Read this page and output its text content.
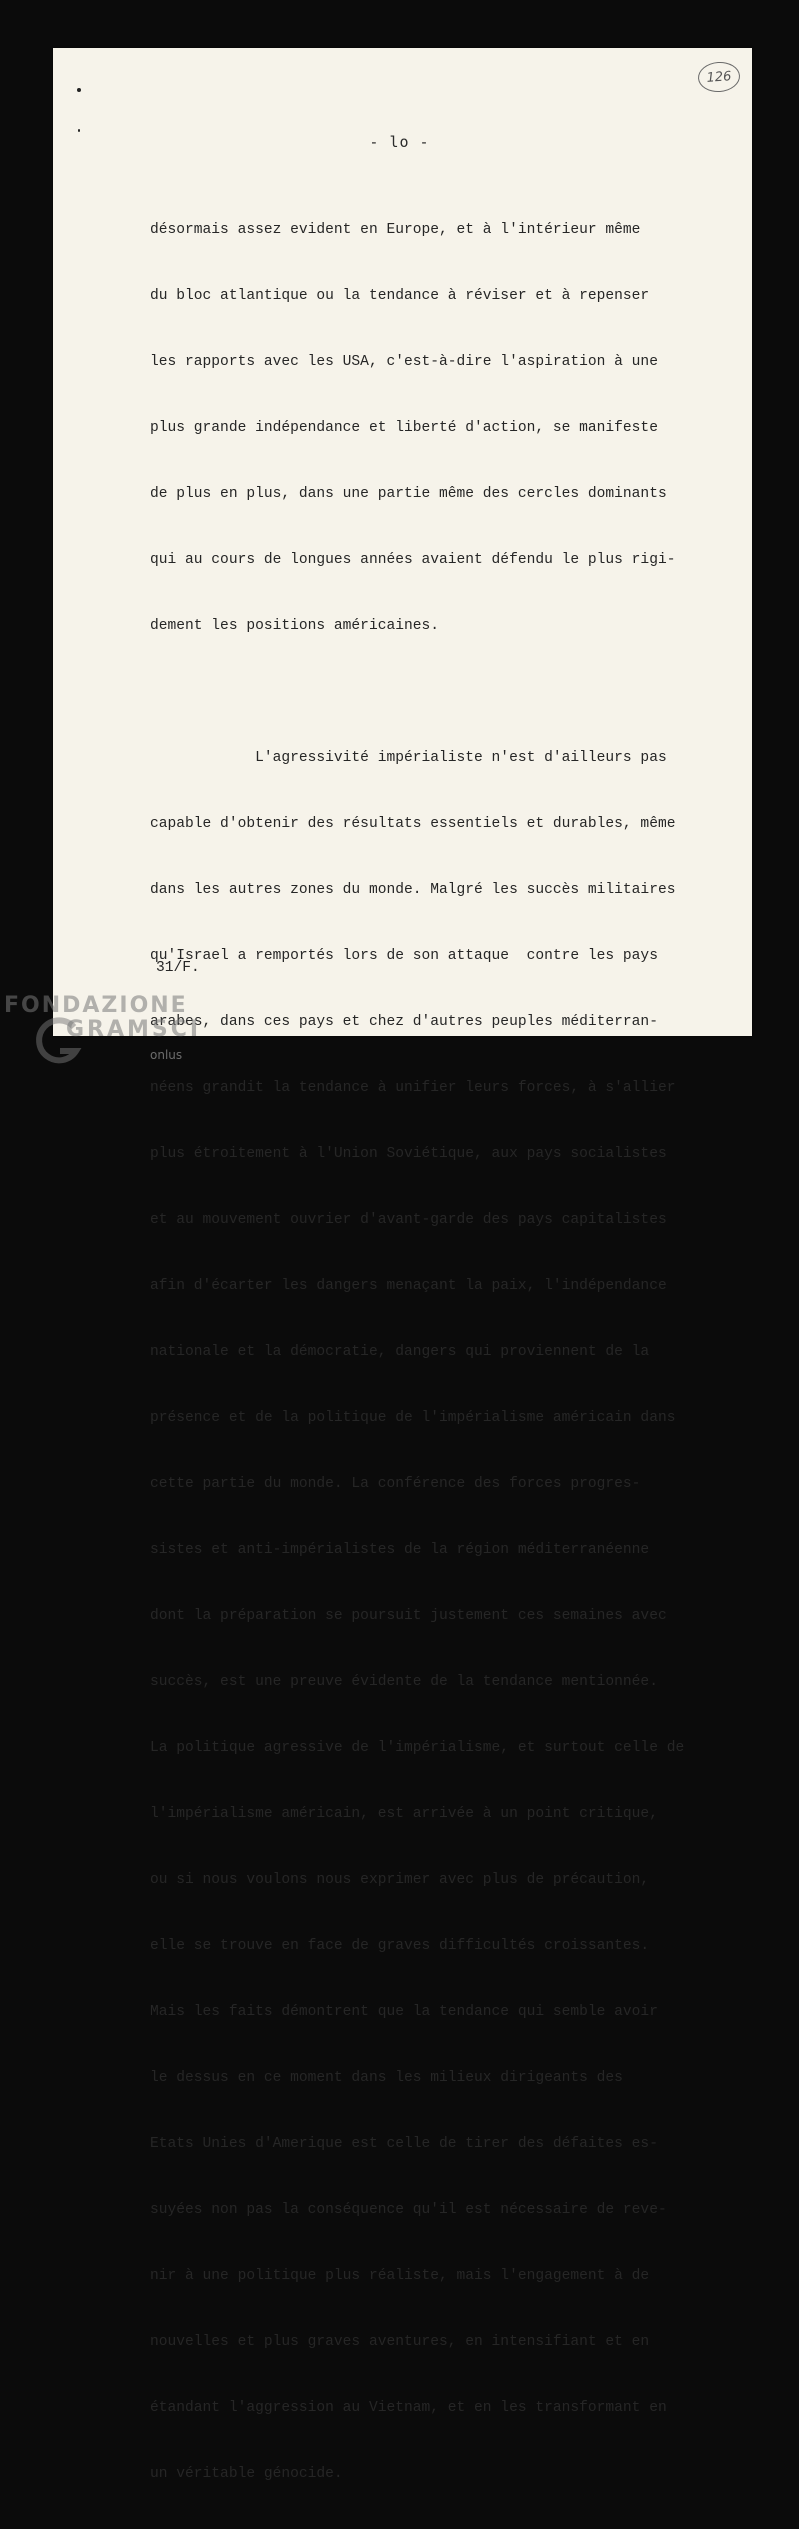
126
- lo -

désormais assez evident en Europe, et à l'intérieur même

du bloc atlantique ou la tendance à réviser et à repenser

les rapports avec les USA, c'est-à-dire l'aspiration à une

plus grande indépendance et liberté d'action, se manifeste

de plus en plus, dans une partie même des cercles dominants

qui au cours de longues années avaient défendu le plus rigi-

dement les positions américaines.

L'agressivité impérialiste n'est d'ailleurs pas

capable d'obtenir des résultats essentiels et durables, même

dans les autres zones du monde. Malgré les succès militaires

qu'Israel a remportés lors de son attaque  contre les pays

arabes, dans ces pays et chez d'autres peuples méditerran-

néens grandit la tendance à unifier leurs forces, à s'allier

plus étroitement à l'Union Soviétique, aux pays socialistes

et au mouvement ouvrier d'avant-garde des pays capitalistes

afin d'écarter les dangers menaçant la paix, l'indépendance

nationale et la démocratie, dangers qui proviennent de la

présence et de la politique de l'impérialisme américain dans

cette partie du monde. La conférence des forces progres-

sistes et anti-impérialistes de la région méditerranéenne

dont la préparation se poursuit justement ces semaines avec

succès, est une preuve évidente de la tendance mentionnée.

La politique agressive de l'impérialisme, et surtout celle de

l'impérialisme américain, est arrivée à un point critique,

ou si nous voulons nous exprimer avec plus de précaution,

elle se trouve en face de graves difficultés croissantes.

Mais les faits démontrent que la tendance qui semble avoir

le dessus en ce moment dans les milieux dirigeants des

Etats Unies d'Amerique est celle de tirer des défaites es-

suyées non pas la conséquence qu'il est nécessaire de reve-

nir à une politique plus réaliste, mais l'engagement à de

nouvelles et plus graves aventures, en intensifiant et en

étandant l'aggression au Vietnam, et en les transformant en

un véritable génocide.

31/F.
FONDAZIONE
GRAMSCI
onlus
